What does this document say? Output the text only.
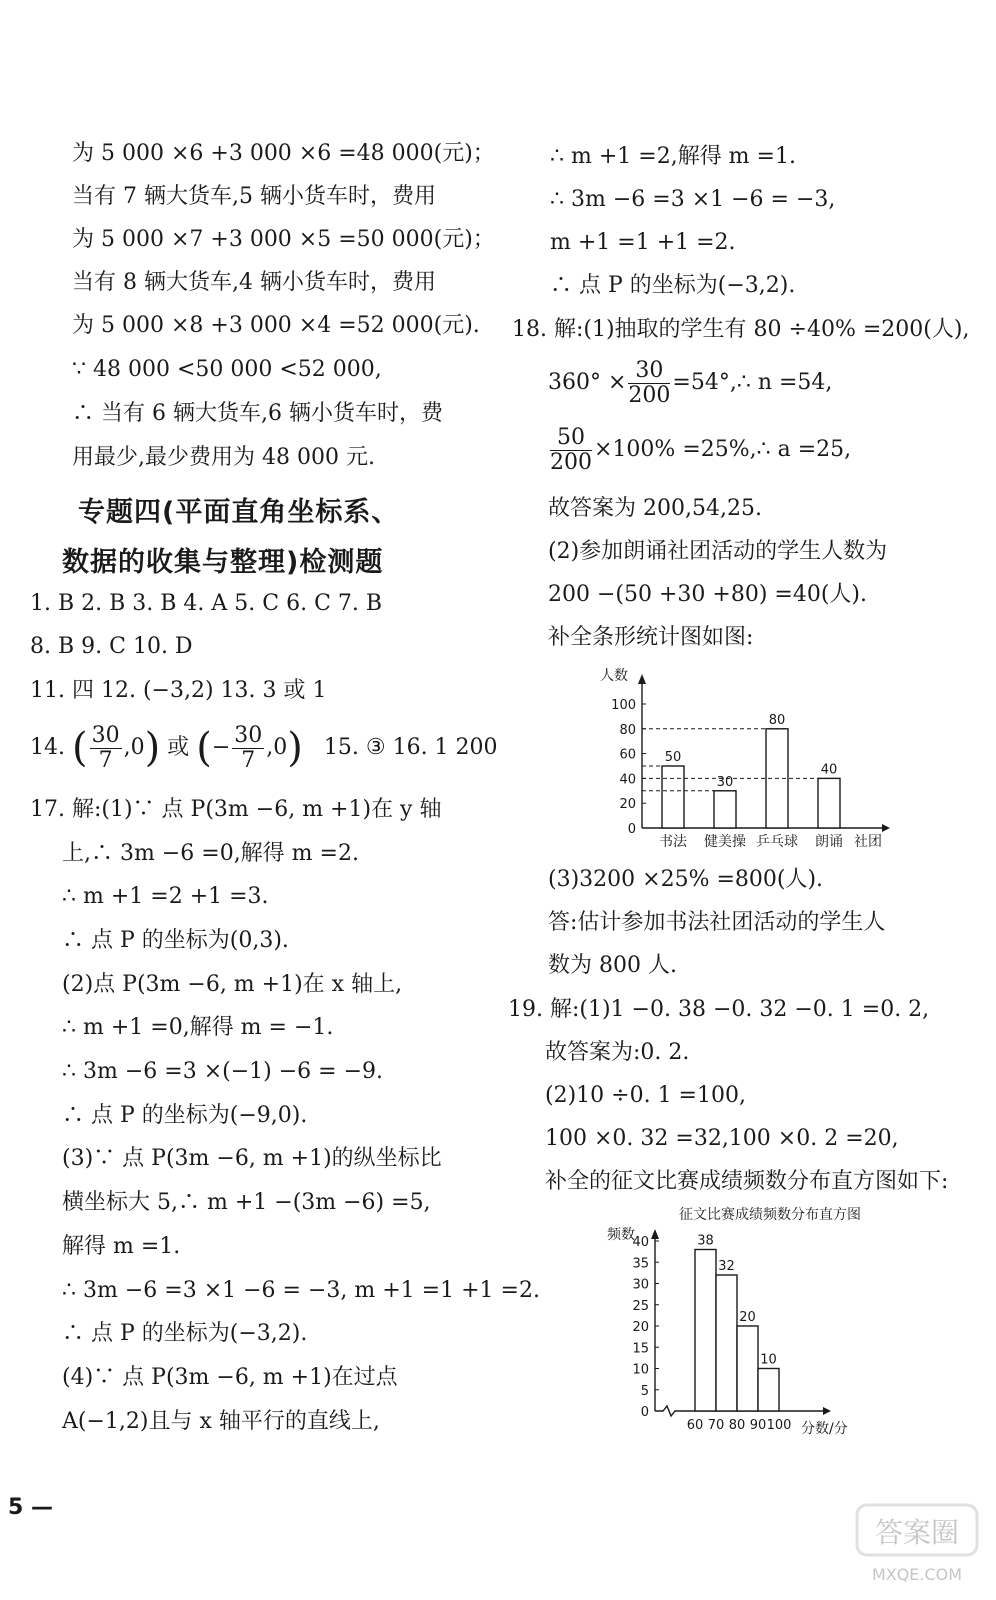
为 5 000 ×6 +3 000 ×6 =48 000(元)；
当有 7 辆大货车,5 辆小货车时，费用
为 5 000 ×7 +3 000 ×5 =50 000(元)；
当有 8 辆大货车,4 辆小货车时，费用
为 5 000 ×8 +3 000 ×4 =52 000(元).
∵ 48 000 <50 000 <52 000,
∴ 当有 6 辆大货车,6 辆小货车时，费
用最少,最少费用为 48 000 元.
专题四(平面直角坐标系、
数据的收集与整理)检测题
1. B 2. B 3. B 4. A 5. C 6. C 7. B
8. B 9. C 10. D
11. 四 12. (−3,2) 13. 3 或 1
14. ( $\frac{30}{7} ,0$) 或 (− $\frac{30}{7} ,0$) 15. ③ 16. 1 200
17. 解:(1)∵ 点 P(3m −6, m +1)在 y 轴
上,∴ 3m −6 =0,解得 m =2.
∴ m +1 =2 +1 =3.
∴ 点 P 的坐标为(0,3).
(2)点 P(3m −6, m +1)在 x 轴上,
∴ m +1 =0,解得 m = −1.
∴ 3m −6 =3 ×(−1) −6 = −9.
∴ 点 P 的坐标为(−9,0).
(3)∵ 点 P(3m −6, m +1)的纵坐标比
横坐标大 5,∴ m +1 −(3m −6) =5,
解得 m =1.
∴ 3m −6 =3 ×1 −6 = −3, m +1 =1 +1 =2.
∴ 点 P 的坐标为(−3,2).
(4)∵ 点 P(3m −6, m +1)在过点
A(−1,2)且与 x 轴平行的直线上,
5 —
∴ m +1 =2,解得 m =1.
∴ 3m −6 =3 ×1 −6 = −3,
m +1 =1 +1 =2.
∴ 点 P 的坐标为(−3,2).
18. 解:(1)抽取的学生有 80 ÷40% =200(人),
$360^\circ \times \frac{30}{200}$ =54°,∴ n =54,
$\frac{50}{200} \times 100\%$ =25%,∴ a =25,
故答案为 200,54,25.
(2)参加朗诵社团活动的学生人数为
200 −(50 +30 +80) =40(人).
补全条形统计图如图:
人数
社团
0
20
40
60
80
100
50
书法
30
健美操
80
乒乓球
40
朗诵
(3)3200 ×25% =800(人).
答:估计参加书法社团活动的学生人
数为 800 人.
19. 解:(1)1 −0. 38 −0. 32 −0. 1 =0. 2,
故答案为:0. 2.
(2)10 ÷0. 1 =100,
100 ×0. 32 =32,100 ×0. 2 =20,
补全的征文比赛成绩频数分布直方图如下:
征文比赛成绩频数分布直方图
频数
分数/分
0
5
10
15
20
25
30
35
40
60 70 80 90 100
38
32
20
10
答案圈
MXQE.COM
